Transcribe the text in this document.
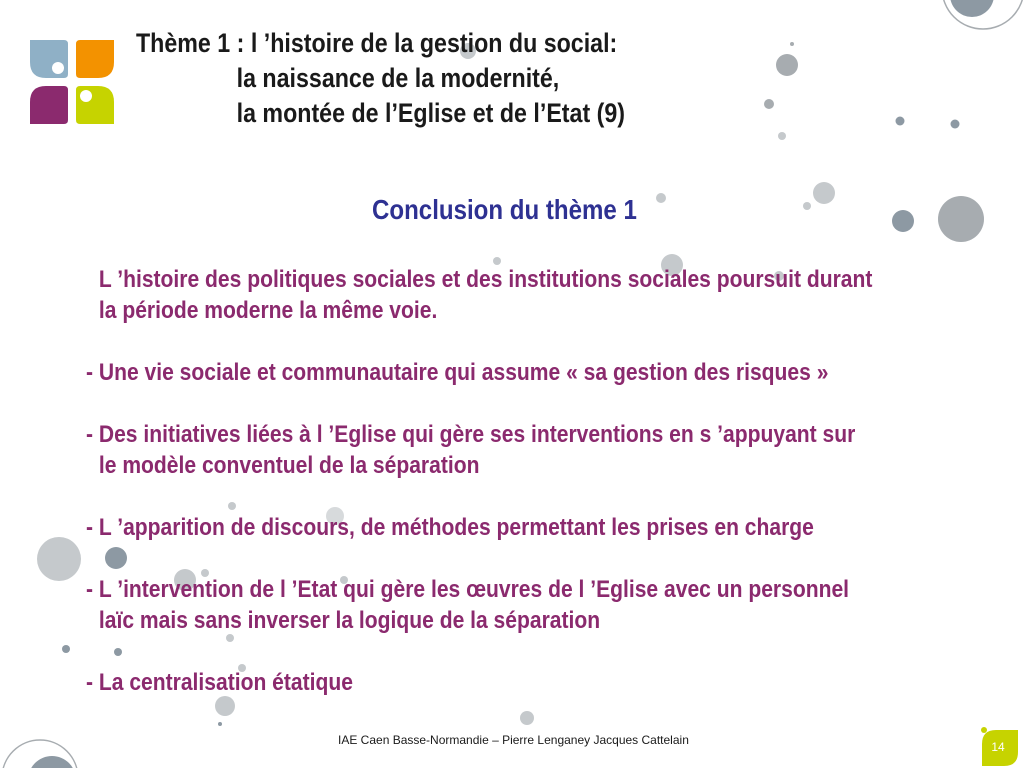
Thème 1 : l ’histoire de la gestion du social:
la naissance de la modernité,
la montée de l’Eglise et de l’Etat (9)
Conclusion du thème 1
L ’histoire des politiques sociales et des institutions sociales poursuit durant
la période moderne la même voie.
- Une vie sociale et communautaire qui assume « sa gestion des risques »
- Des initiatives liées à l ’Eglise qui gère ses interventions en s ’appuyant sur
le modèle conventuel de la séparation
- L ’apparition de discours, de méthodes permettant les prises en charge
- L ’intervention de l ’Etat qui gère les œuvres de l ’Eglise avec un personnel
laïc mais sans inverser la logique de la séparation
- La centralisation étatique
IAE Caen Basse-Normandie – Pierre Lenganey Jacques Cattelain	14
